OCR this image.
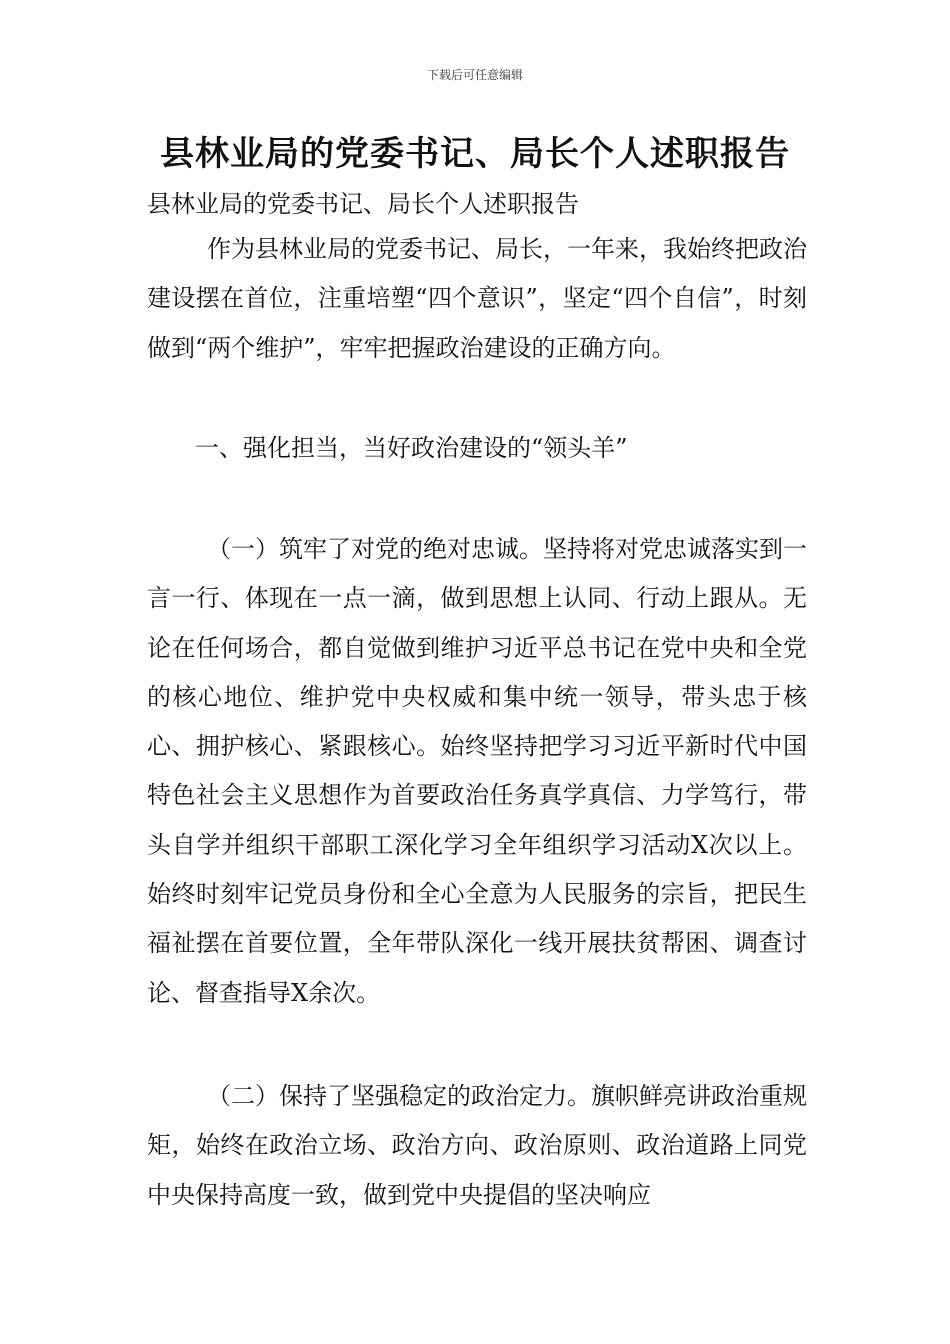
下载后可任意编辑
县林业局的党委书记、局长个人述职报告
县林业局的党委书记、局长个人述职报告
作为县林业局的党委书记、局长，一年来，我始终把政治建设摆在首位，注重培塑“四个意识”，坚定“四个自信”，时刻做到“两个维护”，牢牢把握政治建设的正确方向。
一、强化担当，当好政治建设的“领头羊”
（一）筑牢了对党的绝对忠诚。坚持将对党忠诚落实到一言一行、体现在一点一滴，做到思想上认同、行动上跟从。无论在任何场合，都自觉做到维护习近平总书记在党中央和全党的核心地位、维护党中央权威和集中统一领导，带头忠于核心、拥护核心、紧跟核心。始终坚持把学习习近平新时代中国特色社会主义思想作为首要政治任务真学真信、力学笃行，带头自学并组织干部职工深化学习全年组织学习活动X次以上。始终时刻牢记党员身份和全心全意为人民服务的宗旨，把民生福祉摆在首要位置，全年带队深化一线开展扶贫帮困、调查讨论、督查指导X余次。
（二）保持了坚强稳定的政治定力。旗帜鲜亮讲政治重规矩，始终在政治立场、政治方向、政治原则、政治道路上同党中央保持高度一致，做到党中央提倡的坚决响应
